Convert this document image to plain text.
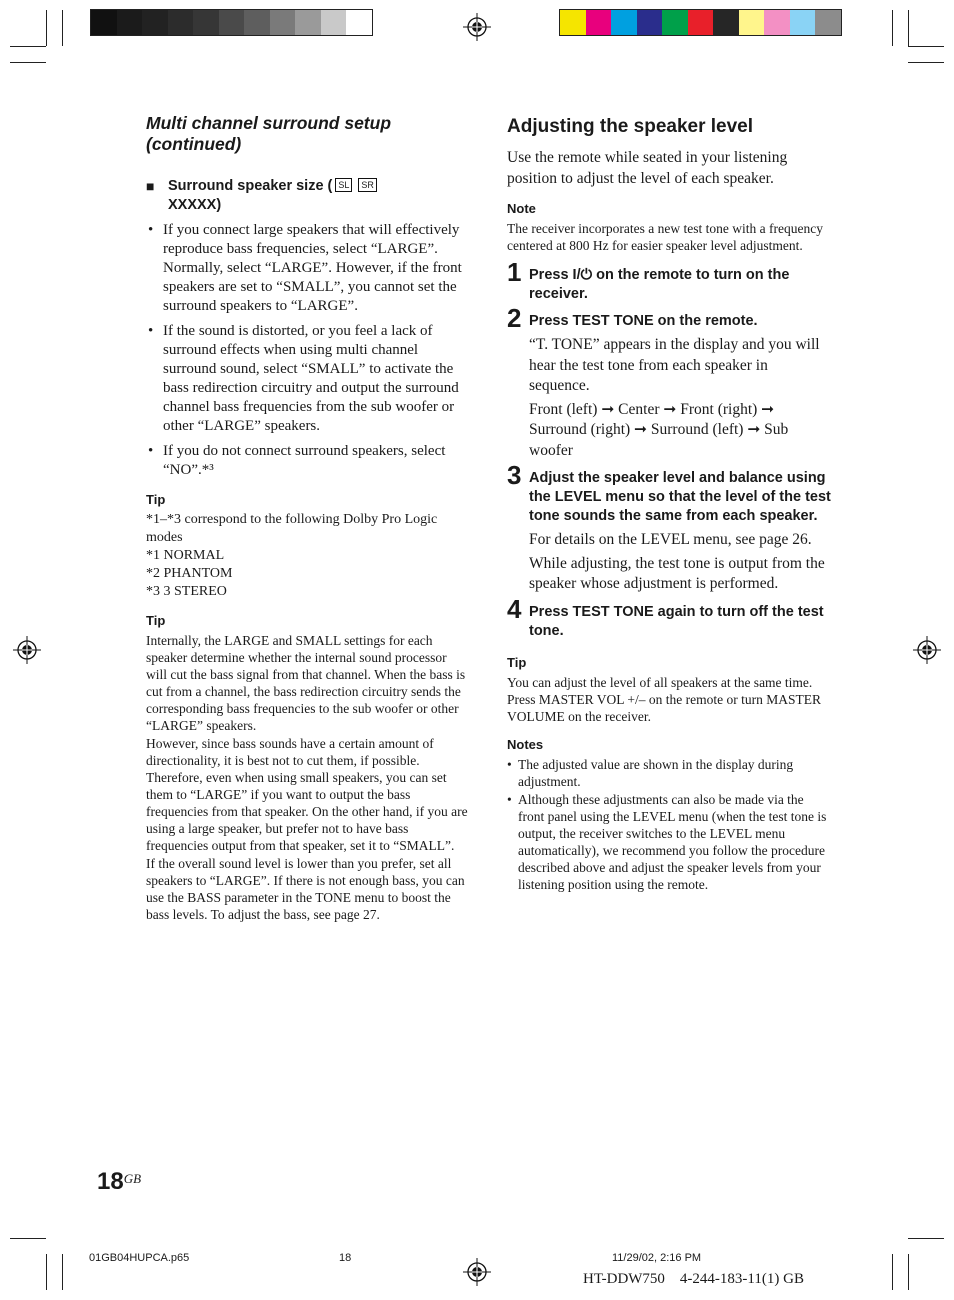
Multi channel surround setup (continued)
■ Surround speaker size ( SL SR
XXXXX)
• If you connect large speakers that will effectively reproduce bass frequencies, select “LARGE”. Normally, select “LARGE”. However, if the front speakers are set to “SMALL”, you cannot set the surround speakers to “LARGE”.
• If the sound is distorted, or you feel a lack of surround effects when using multi channel surround sound, select “SMALL” to activate the bass redirection circuitry and output the surround channel bass frequencies from the sub woofer or other “LARGE” speakers.
• If you do not connect surround speakers, select “NO”.*³
Tip

*1–*3 correspond to the following Dolby Pro Logic modes

*1 NORMAL

*2 PHANTOM

*3 3 STEREO

Tip

Internally, the LARGE and SMALL settings for each speaker determine whether the internal sound processor will cut the bass signal from that channel. When the bass is cut from a channel, the bass redirection circuitry sends the corresponding bass frequencies to the sub woofer or other “LARGE” speakers.

However, since bass sounds have a certain amount of directionality, it is best not to cut them, if possible. Therefore, even when using small speakers, you can set them to “LARGE” if you want to output the bass frequencies from that speaker. On the other hand, if you are using a large speaker, but prefer not to have bass frequencies output from that speaker, set it to “SMALL”.

If the overall sound level is lower than you prefer, set all speakers to “LARGE”. If there is not enough bass, you can use the BASS parameter in the TONE menu to boost the bass levels. To adjust the bass, see page 27.

Adjusting the speaker level

Use the remote while seated in your listening position to adjust the level of each speaker.

Note

The receiver incorporates a new test tone with a frequency centered at 800 Hz for easier speaker level adjustment.

1 Press I/⏻ on the remote to turn on the receiver.

2 Press TEST TONE on the remote.

“T. TONE” appears in the display and you will hear the test tone from each speaker in sequence.

Front (left) ➞ Center ➞ Front (right) ➞ Surround (right) ➞ Surround (left) ➞ Sub woofer

3 Adjust the speaker level and balance using the LEVEL menu so that the level of the test tone sounds the same from each speaker.

For details on the LEVEL menu, see page 26.

While adjusting, the test tone is output from the speaker whose adjustment is performed.

4 Press TEST TONE again to turn off the test tone.

Tip

You can adjust the level of all speakers at the same time. Press MASTER VOL +/– on the remote or turn MASTER VOLUME on the receiver.

Notes
• The adjusted value are shown in the display during adjustment.
• Although these adjustments can also be made via the front panel using the LEVEL menu (when the test tone is output, the receiver switches to the LEVEL menu automatically), we recommend you follow the procedure described above and adjust the speaker levels from your listening position using the remote.
$18^{GB}$
01GB04HUPCA.p65	18	11/29/02, 2:16 PM
HT-DDW750    4-244-183-11(1) GB
